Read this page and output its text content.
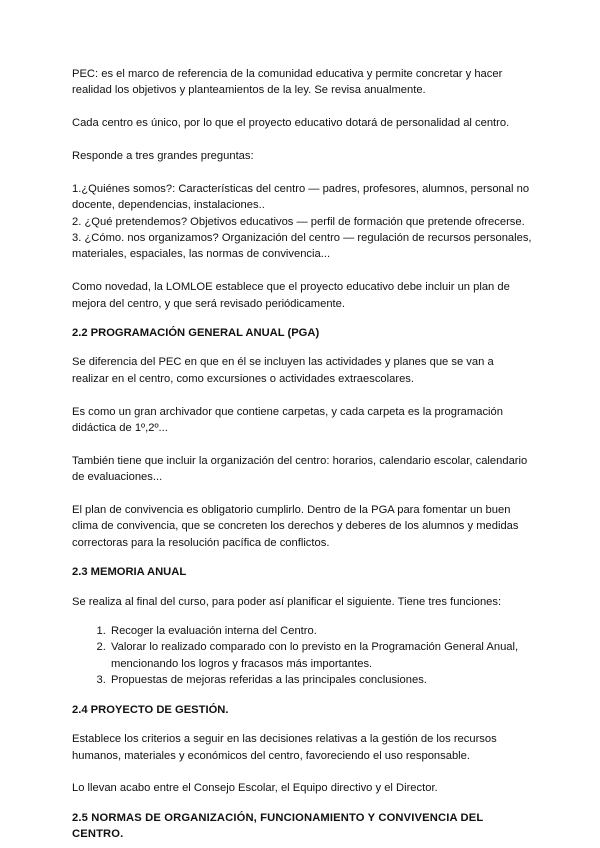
PEC: es el marco de referencia de la comunidad educativa y permite concretar y hacer realidad los objetivos y planteamientos de la ley. Se revisa anualmente.

Cada centro es único, por lo que el proyecto educativo dotará de personalidad al centro.

Responde a tres grandes preguntas:

1.¿Quiénes somos?: Características del centro — padres, profesores, alumnos, personal no docente, dependencias, instalaciones..

2. ¿Qué pretendemos? Objetivos educativos — perfil de formación que pretende ofrecerse.

3. ¿Cómo. nos organizamos? Organización del centro — regulación de recursos personales, materiales, espaciales, las normas de convivencia...

Como novedad, la LOMLOE establece que el proyecto educativo debe incluir un plan de mejora del centro, y que será revisado periódicamente.

2.2 PROGRAMACIÓN GENERAL ANUAL (PGA)

Se diferencia del PEC en que en él se incluyen las actividades y planes que se van a realizar en el centro, como excursiones o actividades extraescolares.

Es como un gran archivador que contiene carpetas, y cada carpeta es la programación didáctica de 1º,2º...

También tiene que incluir la organización del centro: horarios, calendario escolar, calendario de evaluaciones...

El plan de convivencia es obligatorio cumplirlo. Dentro de la PGA para fomentar un buen clima de convivencia, que se concreten los derechos y deberes de los alumnos y medidas correctoras para la resolución pacífica de conflictos.

2.3 MEMORIA ANUAL

Se realiza al final del curso, para poder así planificar el siguiente. Tiene tres funciones:

1. Recoger la evaluación interna del Centro.
2. Valorar lo realizado comparado con lo previsto en la Programación General Anual, mencionando los logros y fracasos más importantes.
3. Propuestas de mejoras referidas a las principales conclusiones.
2.4 PROYECTO DE GESTIÓN.

Establece los criterios a seguir en las decisiones relativas a la gestión de los recursos humanos, materiales y económicos del centro, favoreciendo el uso responsable.

Lo llevan acabo entre el Consejo Escolar, el Equipo directivo y el Director.

2.5 NORMAS DE ORGANIZACIÓN, FUNCIONAMIENTO Y CONVIVENCIA DEL CENTRO.
